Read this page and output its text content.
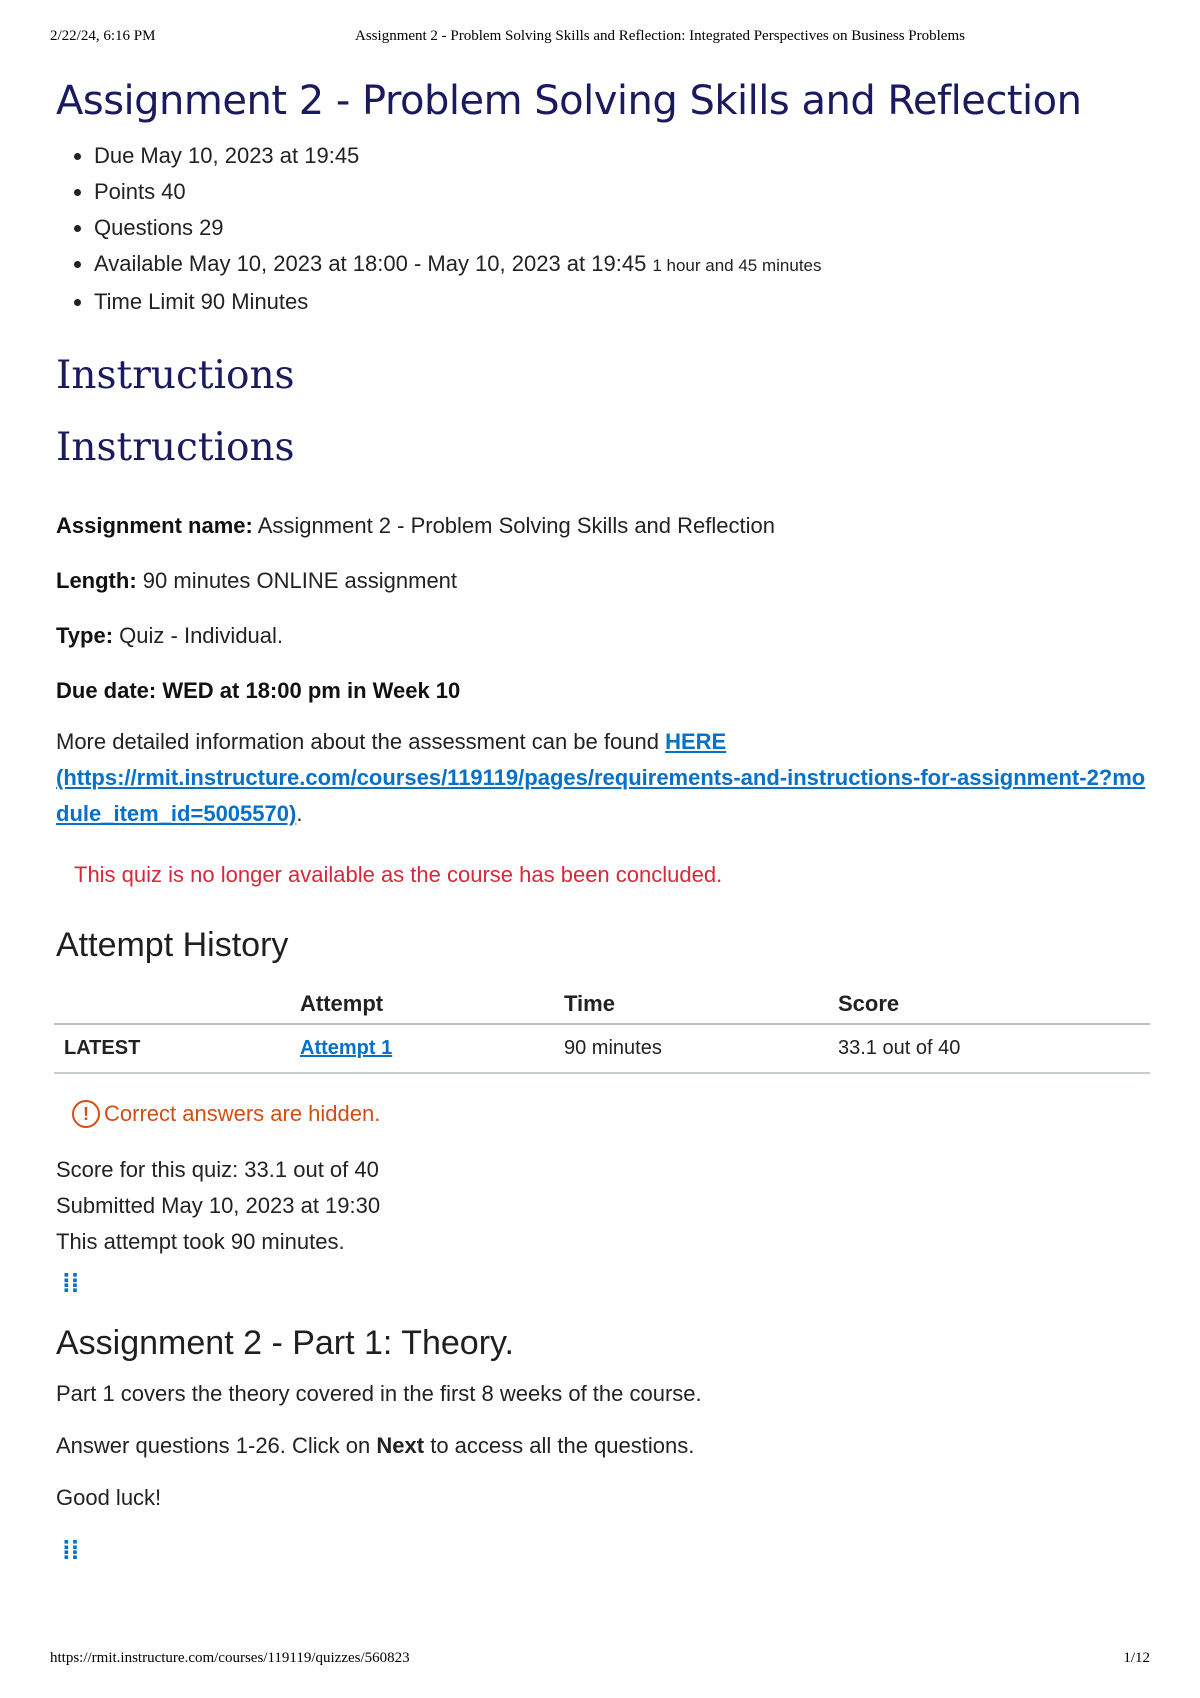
2/22/24, 6:16 PM	Assignment 2 - Problem Solving Skills and Reflection: Integrated Perspectives on Business Problems
Assignment 2 - Problem Solving Skills and Reflection
• Due May 10, 2023 at 19:45
• Points 40
• Questions 29
• Available May 10, 2023 at 18:00 - May 10, 2023 at 19:45 1 hour and 45 minutes
• Time Limit 90 Minutes
Instructions
Instructions

Assignment name: Assignment 2 - Problem Solving Skills and Reflection

Length: 90 minutes ONLINE assignment

Type: Quiz - Individual.

Due date: WED at 18:00 pm in Week 10

More detailed information about the assessment can be found HERE
(https://rmit.instructure.com/courses/119119/pages/requirements-and-instructions-for-assignment-2?module_item_id=5005570).

This quiz is no longer available as the course has been concluded.

Attempt History
	Attempt	Time	Score
LATEST	Attempt 1	90 minutes	33.1 out of 40
! Correct answers are hidden.
Score for this quiz: 33.1 out of 40
Submitted May 10, 2023 at 19:30
This attempt took 90 minutes.
⁞⁞
Assignment 2 - Part 1: Theory.

Part 1 covers the theory covered in the first 8 weeks of the course.

Answer questions 1-26. Click on Next to access all the questions.

Good luck!

⁞⁞
https://rmit.instructure.com/courses/119119/quizzes/560823	1/12
